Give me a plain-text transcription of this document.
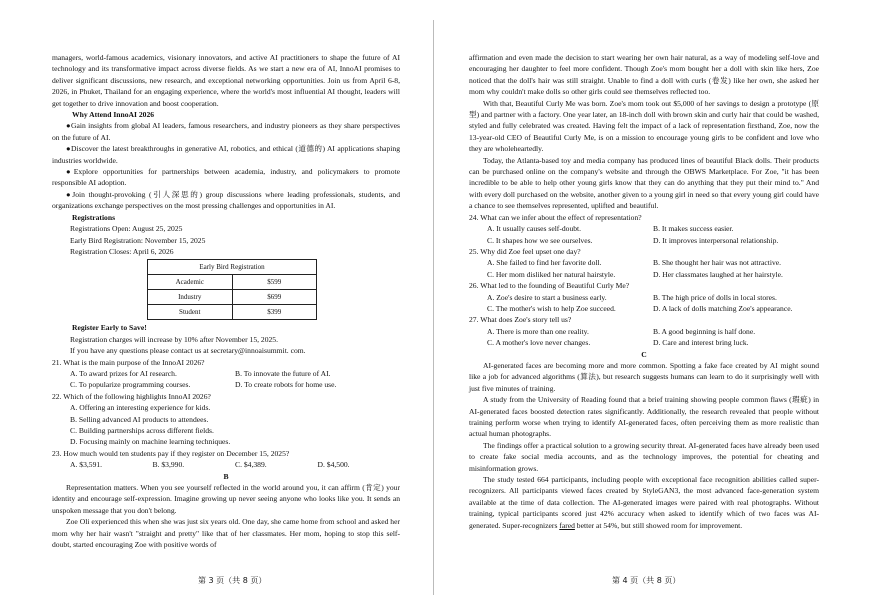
managers, world-famous academics, visionary innovators, and active AI practitioners to shape the future of AI technology and its transformative impact across diverse fields. As we start a new era of AI, InnoAI promises to deliver significant discussions, new research, and exceptional networking opportunities. Join us from April 6-8, 2026, in Phuket, Thailand for an engaging experience, where the world's most influential AI thought, leaders will get together to drive innovation and boost cooperation.

Why Attend InnoAI 2026

●Gain insights from global AI leaders, famous researchers, and industry pioneers as they share perspectives on the future of AI.

●Discover the latest breakthroughs in generative AI, robotics, and ethical (道德的) AI applications shaping industries worldwide.

●Explore opportunities for partnerships between academia, industry, and policymakers to promote responsible AI adoption.

●Join thought-provoking (引人深思的) group discussions where leading professionals, students, and organizations exchange perspectives on the most pressing challenges and opportunities in AI.

Registrations

Registrations Open: August 25, 2025

Early Bird Registration: November 15, 2025

Registration Closes: April 6, 2026

Early Bird Registration	
Academic	$599
Industry	$699
Student	$399

Register Early to Save!

Registration charges will increase by 10% after November 15, 2025.

If you have any questions please contact us at secretary@innoaisummit. com.

21. What is the main purpose of the InnoAI 2026?

A. To award prizes for AI research.	B. To innovate the future of AI.
C. To popularize programming courses.	D. To create robots for home use.

22. Which of the following highlights InnoAI 2026?

A. Offering an interesting experience for kids.

B. Selling advanced AI products to attendees.

C. Building partnerships across different fields.

D. Focusing mainly on machine learning techniques.

23. How much would ten students pay if they register on December 15, 2025?

A. $3,591.	B. $3,990.	C. $4,389.	D. $4,500.

B

Representation matters. When you see yourself reflected in the world around you, it can affirm (肯定) your identity and encourage self-expression. Imagine growing up never seeing anyone who looks like you. It sends an unspoken message that you don't belong.

Zoe Oli experienced this when she was just six years old. One day, she came home from school and asked her mom why her hair wasn't "straight and pretty" like that of her classmates. Her mom, hoping to stop this self-doubt, started encouraging Zoe with positive words of

第 3 页（共 8 页）

affirmation and even made the decision to start wearing her own hair natural, as a way of modeling self-love and encouraging her daughter to feel more confident. Though Zoe's mom bought her a doll with skin like hers, Zoe noticed that the doll's hair was still straight. Unable to find a doll with curls (卷发) like her own, she asked her mom why couldn't make dolls so other girls could see themselves reflected too.

With that, Beautiful Curly Me was born. Zoe's mom took out $5,000 of her savings to design a prototype (原型) and partner with a factory. One year later, an 18-inch doll with brown skin and curly hair that could be washed, styled and fully celebrated was created. Having felt the impact of a lack of representation firsthand, Zoe, now the 13-year-old CEO of Beautiful Curly Me, is on a mission to encourage young girls to be confident and love who they are wholeheartedly.

Today, the Atlanta-based toy and media company has produced lines of beautiful Black dolls. Their products can be purchased online on the company's website and through the OBWS Marketplace. For Zoe, "it has been incredible to be able to help other young girls know that they can do anything that they put their mind to." And with every doll purchased on the website, another given to a young girl in need so that every young girl could have a chance to see themselves represented, uplifted and beautiful.

24. What can we infer about the effect of representation?

A. It usually causes self-doubt.	B. It makes success easier.
C. It shapes how we see ourselves.	D. It improves interpersonal relationship.

25. Why did Zoe feel upset one day?

A. She failed to find her favorite doll.	B. She thought her hair was not attractive.
C. Her mom disliked her natural hairstyle.	D. Her classmates laughed at her hairstyle.

26. What led to the founding of Beautiful Curly Me?

A. Zoe's desire to start a business early.	B. The high price of dolls in local stores.
C. The mother's wish to help Zoe succeed.	D. A lack of dolls matching Zoe's appearance.

27. What does Zoe's story tell us?

A. There is more than one reality.	B. A good beginning is half done.
C. A mother's love never changes.	D. Care and interest bring luck.

C

AI-generated faces are becoming more and more common. Spotting a fake face created by AI might sound like a job for advanced algorithms (算法), but research suggests humans can learn to do it surprisingly well with just five minutes of training.

A study from the University of Reading found that a brief training showing people common flaws (瑕疵) in AI-generated faces boosted detection rates significantly. Additionally, the research revealed that people without training perform worse when trying to identify AI-generated faces, often perceiving them as more realistic than actual human photographs.

The findings offer a practical solution to a growing security threat. AI-generated faces have already been used to create fake social media accounts, and as the technology improves, the potential for cheating and misinformation grows.

The study tested 664 participants, including people with exceptional face recognition abilities called super-recognizers. All participants viewed faces created by StyleGAN3, the most advanced face-generation system available at the time of data collection. The AI-generated images were paired with real photographs. Without training, typical participants scored just 42% accuracy when asked to identify which of two faces was AI-generated. Super-recognizers fared better at 54%, but still showed room for improvement.

第 4 页（共 8 页）
